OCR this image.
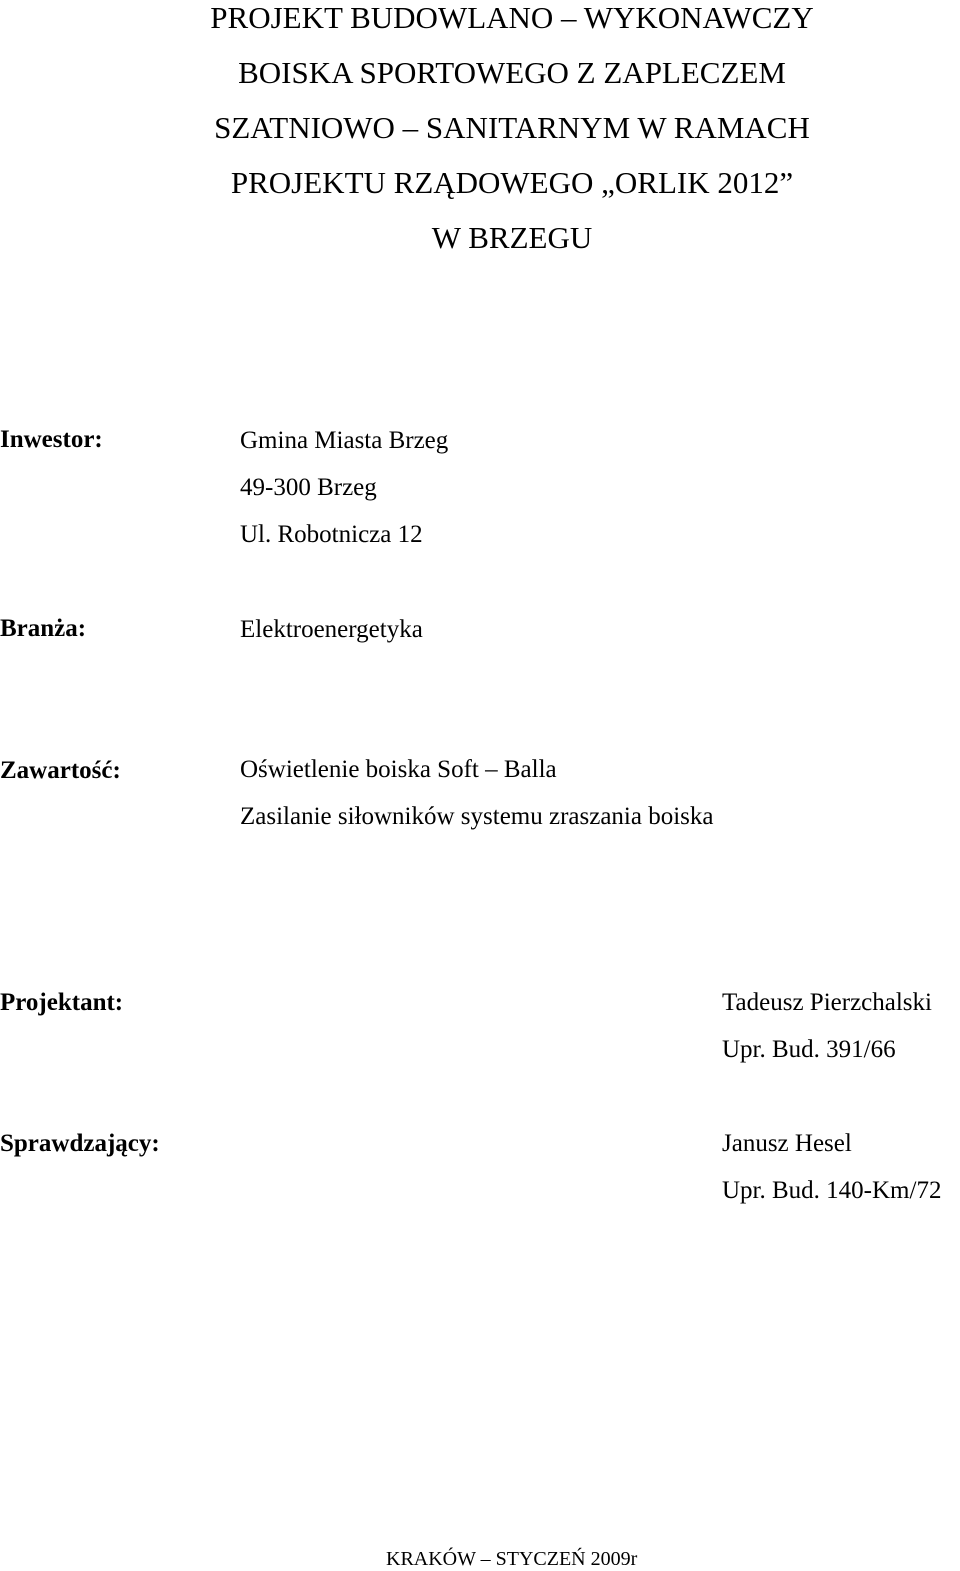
PROJEKT BUDOWLANO – WYKONAWCZY
BOISKA SPORTOWEGO Z ZAPLECZEM
SZATNIOWO – SANITARNYM W RAMACH
PROJEKTU RZĄDOWEGO „ORLIK 2012”
W BRZEGU
Inwestor:	Gmina Miasta Brzeg
49-300 Brzeg
Ul. Robotnicza 12
Branża:	Elektroenergetyka
Zawartość:	Oświetlenie boiska Soft – Balla
Zasilanie siłowników systemu zraszania boiska
Projektant:	Tadeusz Pierzchalski
Upr. Bud. 391/66
Sprawdzający:	Janusz Hesel
Upr. Bud. 140-Km/72
KRAKÓW – STYCZEŃ 2009r
